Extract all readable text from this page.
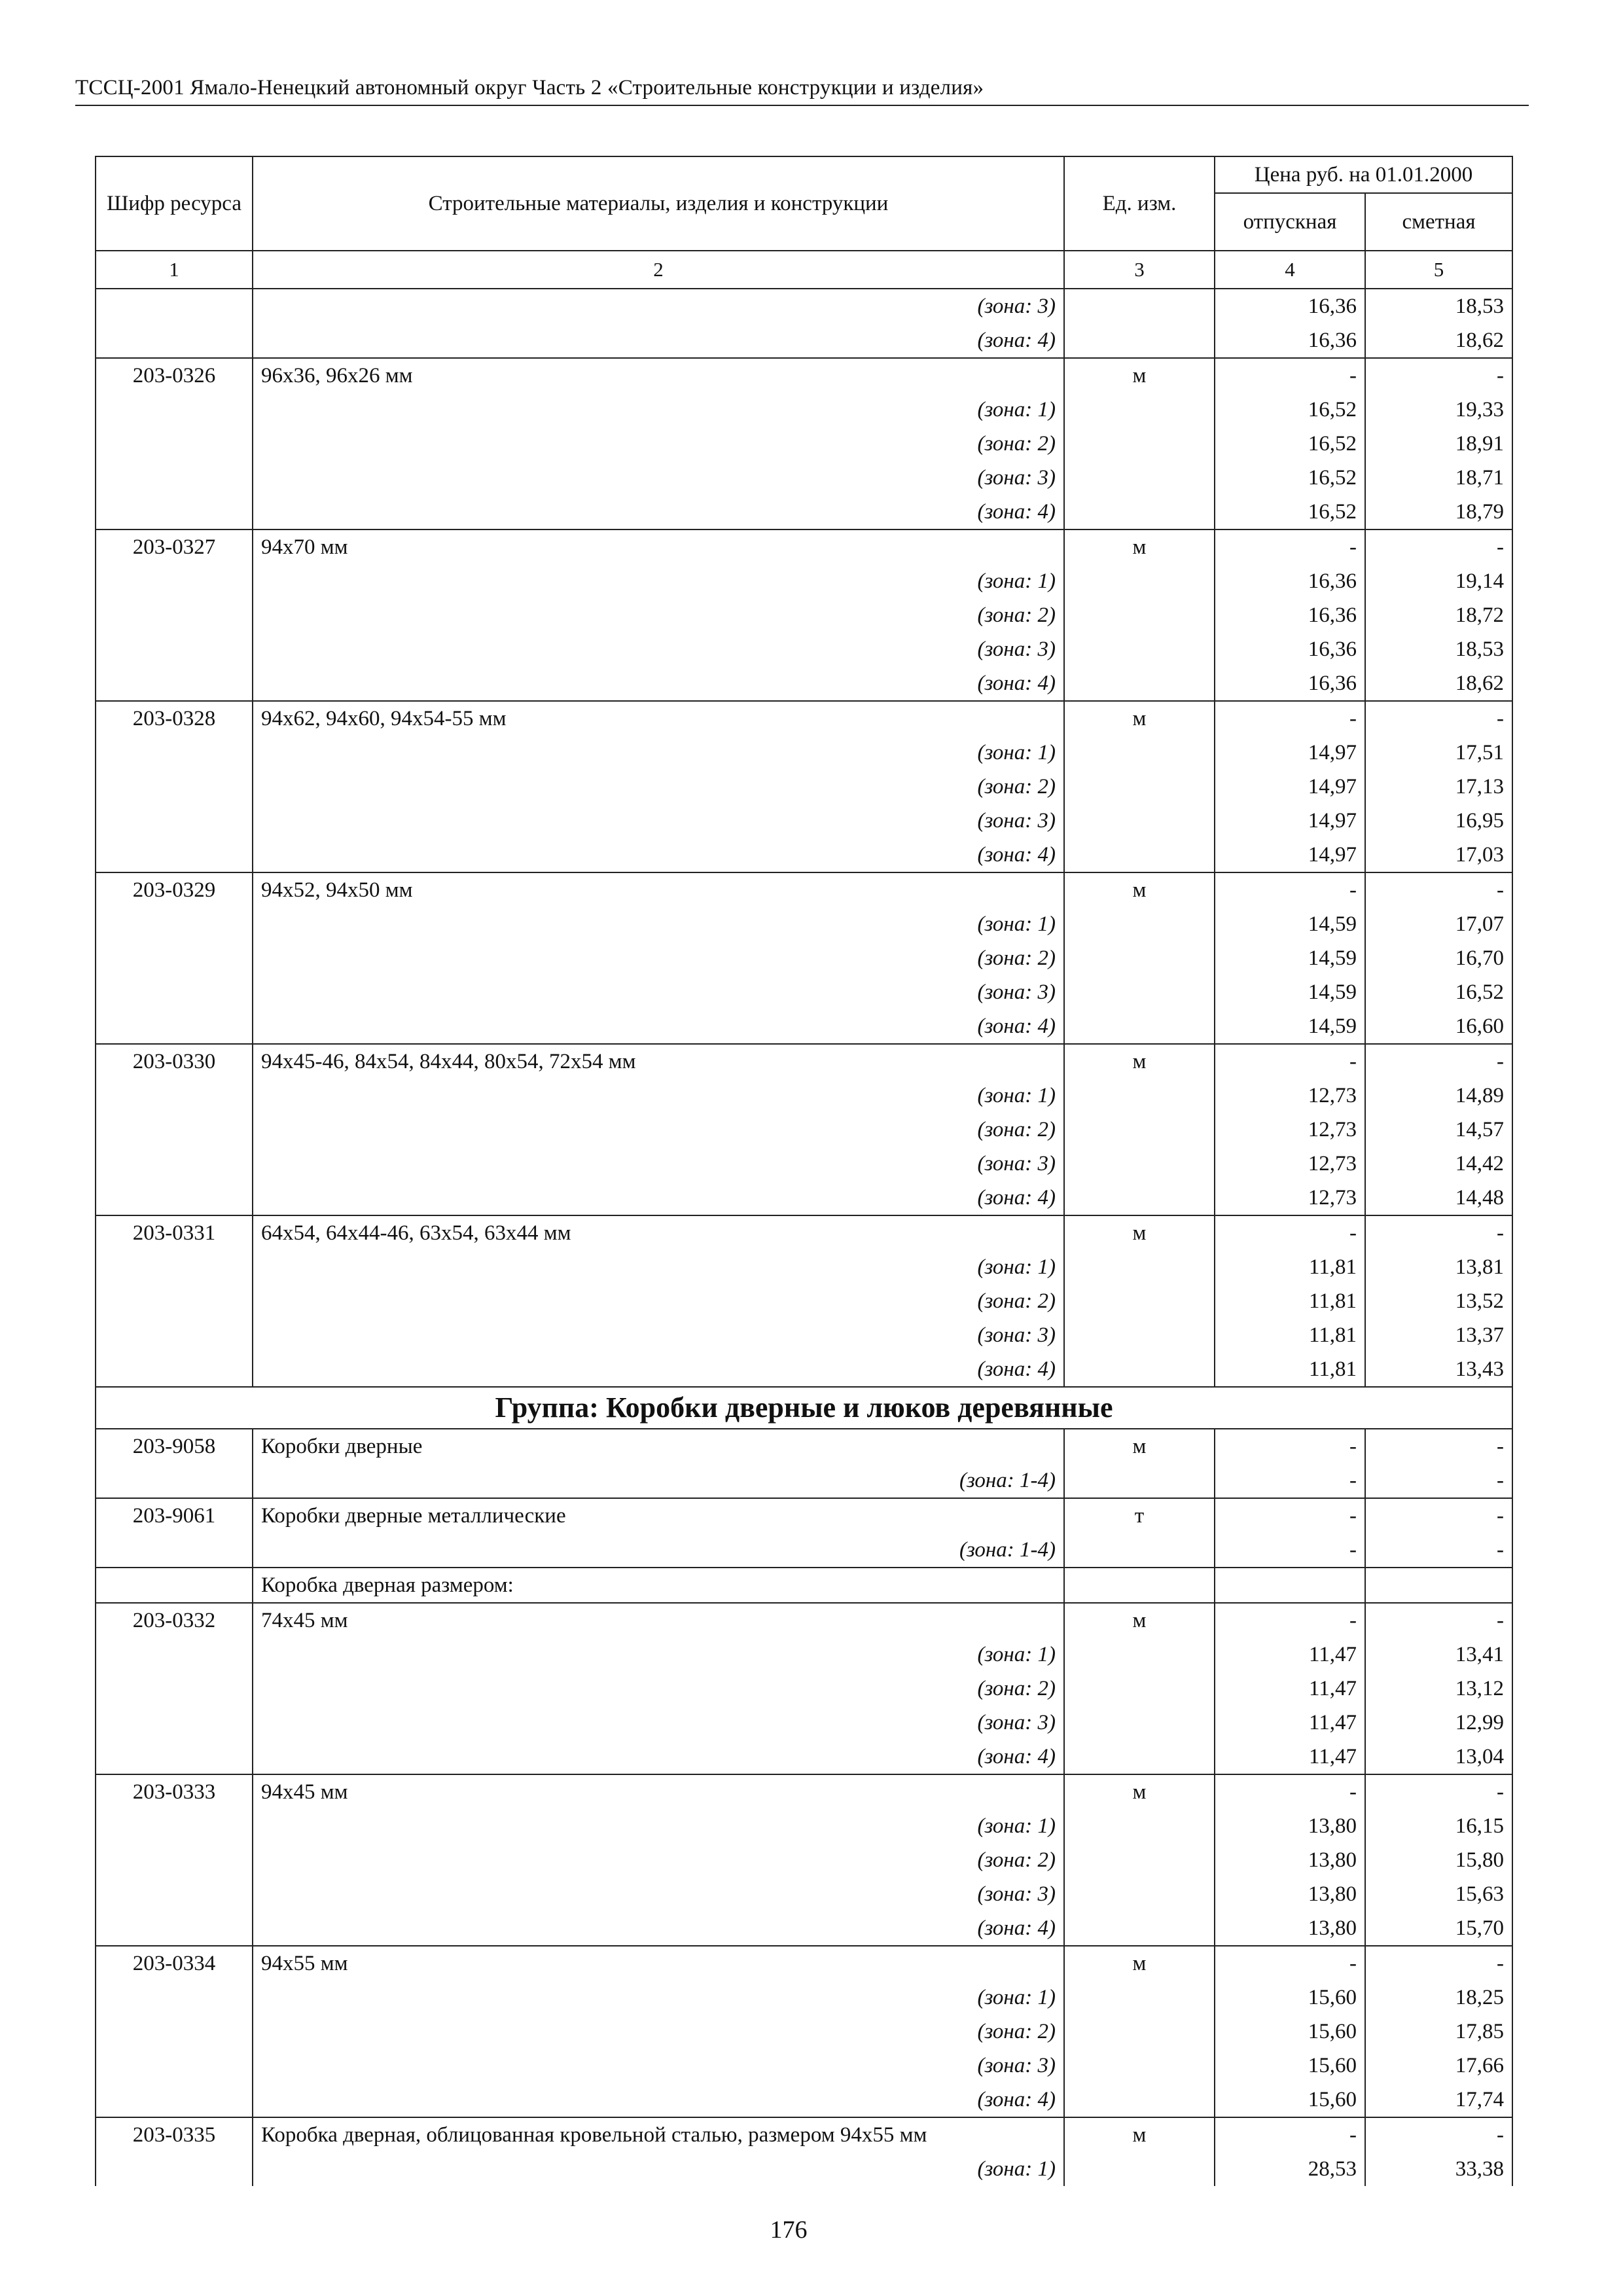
ТССЦ-2001 Ямало-Ненецкий автономный округ Часть 2 «Строительные конструкции и изделия»
Шифр ресурса	Строительные материалы, изделия и конструкции	Ед. изм.	Цена руб. на 01.01.2000	
			отпускная	сметная
1	2	3	4	5
	(зона: 3)		16,36	18,53
	(зона: 4)		16,36	18,62
203-0326	96х36, 96х26 мм	м	-	-
	(зона: 1)		16,52	19,33
	(зона: 2)		16,52	18,91
	(зона: 3)		16,52	18,71
	(зона: 4)		16,52	18,79
203-0327	94х70 мм	м	-	-
	(зона: 1)		16,36	19,14
	(зона: 2)		16,36	18,72
	(зона: 3)		16,36	18,53
	(зона: 4)		16,36	18,62
203-0328	94х62, 94х60, 94х54-55 мм	м	-	-
	(зона: 1)		14,97	17,51
	(зона: 2)		14,97	17,13
	(зона: 3)		14,97	16,95
	(зона: 4)		14,97	17,03
203-0329	94х52, 94х50 мм	м	-	-
	(зона: 1)		14,59	17,07
	(зона: 2)		14,59	16,70
	(зона: 3)		14,59	16,52
	(зона: 4)		14,59	16,60
203-0330	94х45-46, 84х54, 84х44, 80х54, 72х54 мм	м	-	-
	(зона: 1)		12,73	14,89
	(зона: 2)		12,73	14,57
	(зона: 3)		12,73	14,42
	(зона: 4)		12,73	14,48
203-0331	64х54, 64х44-46, 63х54, 63х44 мм	м	-	-
	(зона: 1)		11,81	13,81
	(зона: 2)		11,81	13,52
	(зона: 3)		11,81	13,37
	(зона: 4)		11,81	13,43
Группа: Коробки дверные и люков деревянные				
203-9058	Коробки дверные	м	-	-
	(зона: 1-4)		-	-
203-9061	Коробки дверные металлические	т	-	-
	(зона: 1-4)		-	-
	Коробка дверная размером:			
203-0332	74х45 мм	м	-	-
	(зона: 1)		11,47	13,41
	(зона: 2)		11,47	13,12
	(зона: 3)		11,47	12,99
	(зона: 4)		11,47	13,04
203-0333	94х45 мм	м	-	-
	(зона: 1)		13,80	16,15
	(зона: 2)		13,80	15,80
	(зона: 3)		13,80	15,63
	(зона: 4)		13,80	15,70
203-0334	94х55 мм	м	-	-
	(зона: 1)		15,60	18,25
	(зона: 2)		15,60	17,85
	(зона: 3)		15,60	17,66
	(зона: 4)		15,60	17,74
203-0335	Коробка дверная, облицованная кровельной сталью, размером 94х55 мм	м	-	-
	(зона: 1)		28,53	33,38
176
